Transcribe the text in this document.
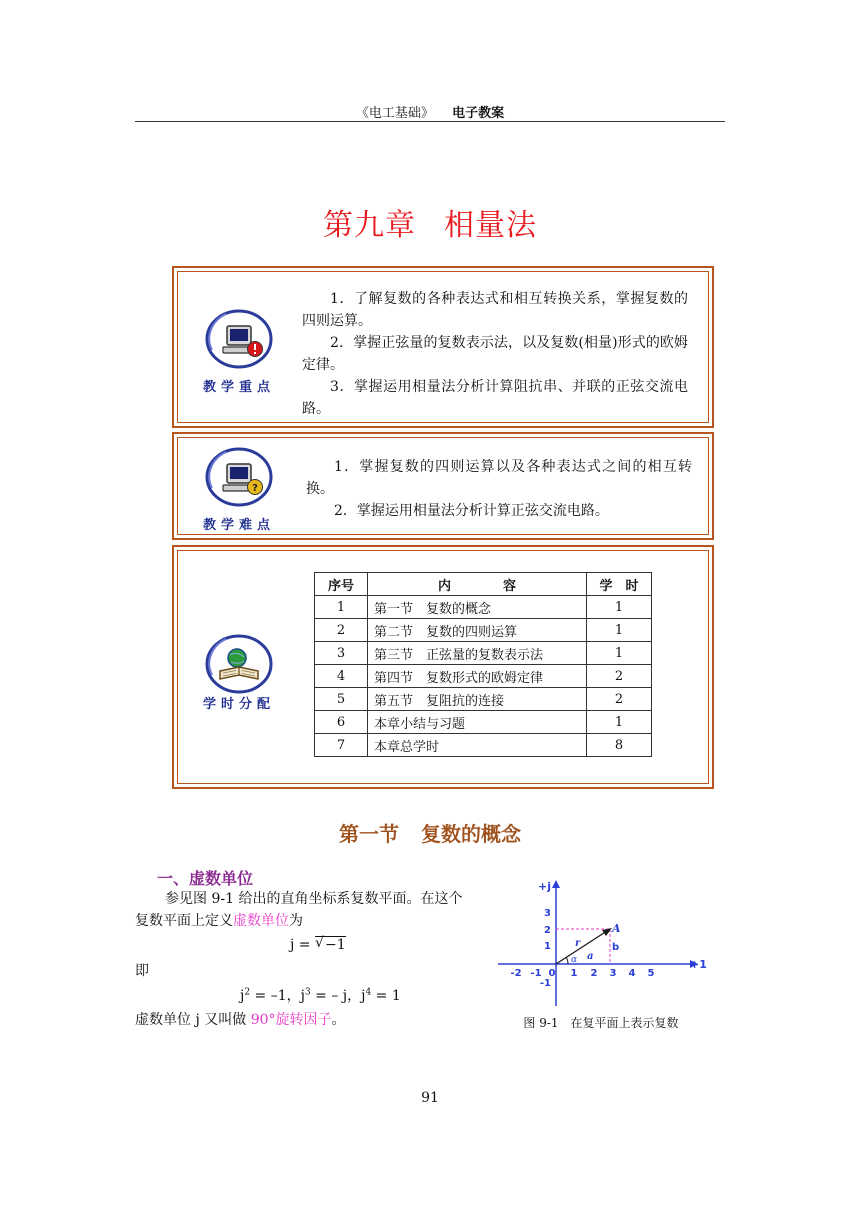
《电工基础》 电子教案
第九章 相量法
教学重点

1．了解复数的各种表达式和相互转换关系，掌握复数的四则运算。

2．掌握正弦量的复数表示法，以及复数(相量)形式的欧姆定律。

3．掌握运用相量法分析计算阻抗串、并联的正弦交流电路。

?
教学难点

1．掌握复数的四则运算以及各种表达式之间的相互转换。

2．掌握运用相量法分析计算正弦交流电路。

学时分配
序号	内　　　　容	学　时
1	第一节　复数的概念	1
2	第二节　复数的四则运算	1
3	第三节　正弦量的复数表示法	1
4	第四节　复数形式的欧姆定律	2
5	第五节　复阻抗的连接	2
6	本章小结与习题	1
7	本章总学时	8
第一节 复数的概念
一、虚数单位
参见图 9-1 给出的直角坐标系复数平面。在这个
复数平面上定义虚数单位为
j = √ −1
即
$j^2 = -1$，$j^3$ = – j，$j^4 = 1$
虚数单位 j 又叫做 90°旋转因子。
+j
+1
-2 -1 0 1 2 3 4 5
3
2
1
-1
A
r
a
b
α
图 9-1　在复平面上表示复数
91
